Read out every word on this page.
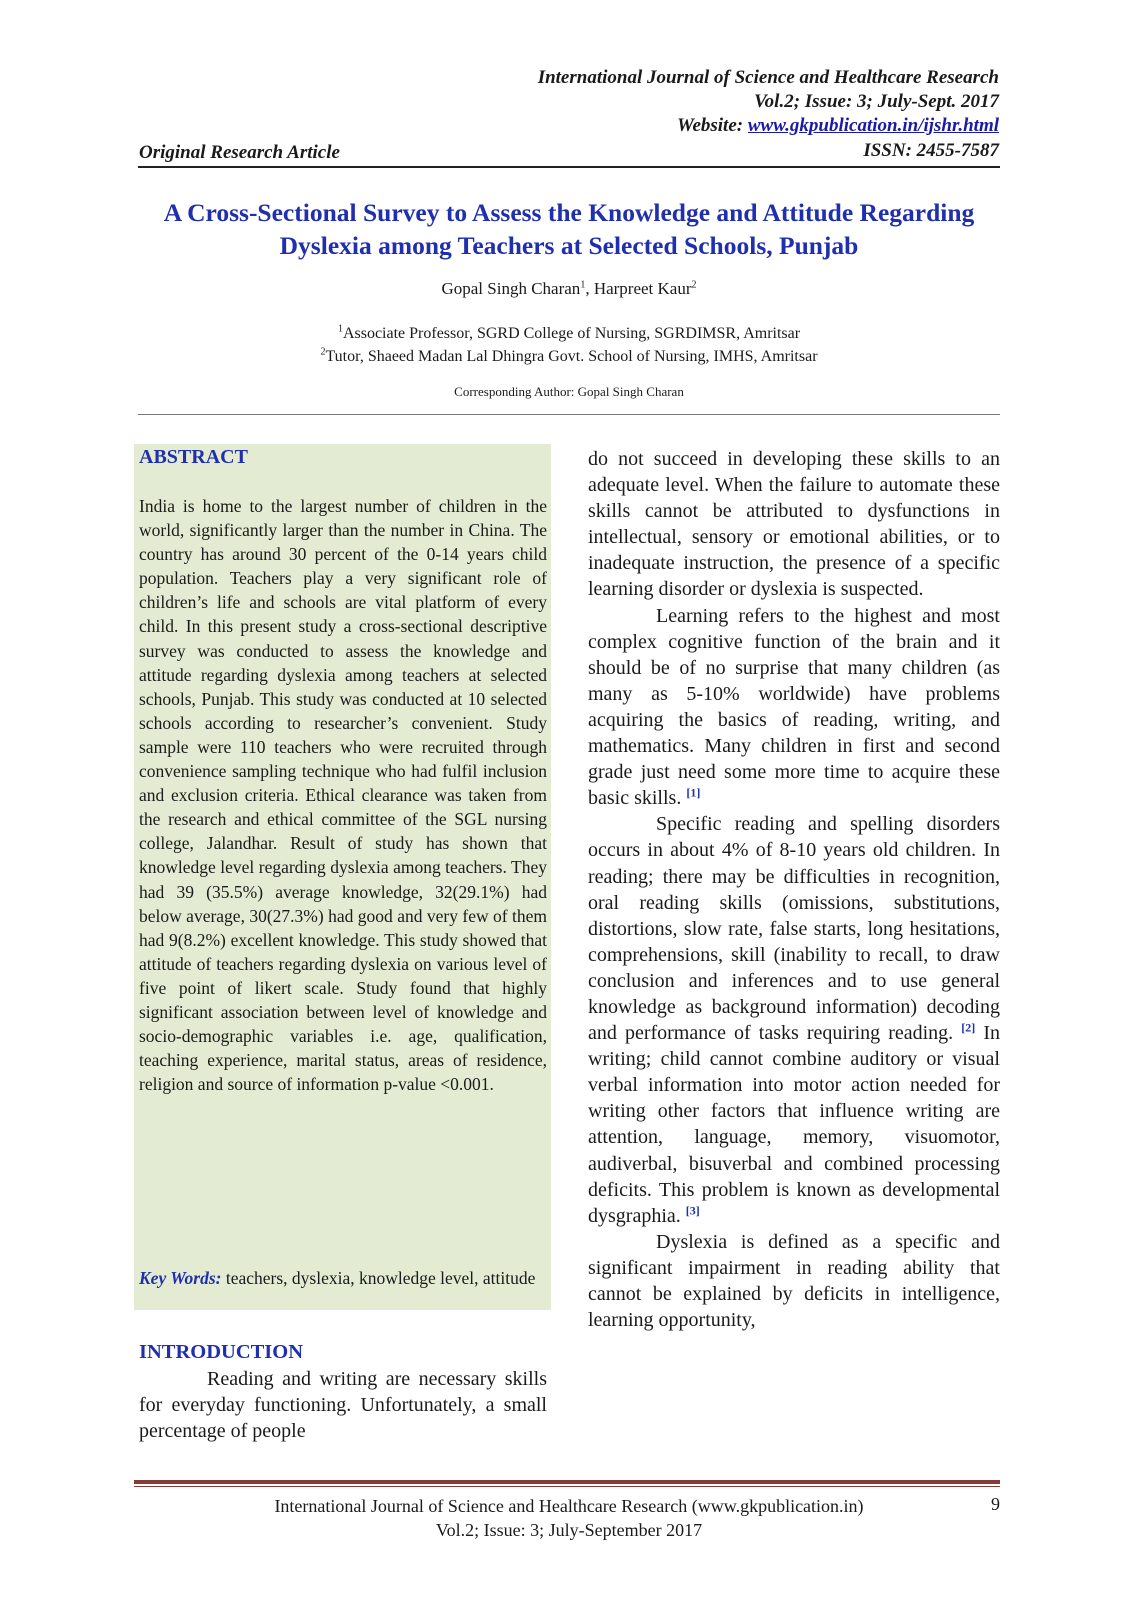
International Journal of Science and Healthcare Research
Vol.2; Issue: 3; July-Sept. 2017
Website: www.gkpublication.in/ijshr.html
ISSN: 2455-7587
Original Research Article
A Cross-Sectional Survey to Assess the Knowledge and Attitude Regarding
Dyslexia among Teachers at Selected Schools, Punjab
Gopal Singh Charan$^1$, Harpreet Kaur$^2$
$^1$Associate Professor, SGRD College of Nursing, SGRDIMSR, Amritsar
$^2$Tutor, Shaeed Madan Lal Dhingra Govt. School of Nursing, IMHS, Amritsar
Corresponding Author: Gopal Singh Charan
ABSTRACT
India is home to the largest number of children in the world, significantly larger than the number in China. The country has around 30 percent of the 0-14 years child population. Teachers play a very significant role of children’s life and schools are vital platform of every child. In this present study a cross-sectional descriptive survey was conducted to assess the knowledge and attitude regarding dyslexia among teachers at selected schools, Punjab. This study was conducted at 10 selected schools according to researcher’s convenient. Study sample were 110 teachers who were recruited through convenience sampling technique who had fulfil inclusion and exclusion criteria. Ethical clearance was taken from the research and ethical committee of the SGL nursing college, Jalandhar. Result of study has shown that knowledge level regarding dyslexia among teachers. They had 39 (35.5%) average knowledge, 32(29.1%) had below average, 30(27.3%) had good and very few of them had 9(8.2%) excellent knowledge. This study showed that attitude of teachers regarding dyslexia on various level of five point of likert scale. Study found that highly significant association between level of knowledge and socio-demographic variables i.e. age, qualification, teaching experience, marital status, areas of residence, religion and source of information p-value <0.001.
Key Words: teachers, dyslexia, knowledge level, attitude
INTRODUCTION
Reading and writing are necessary skills for everyday functioning. Unfortunately, a small percentage of people

do not succeed in developing these skills to an adequate level. When the failure to automate these skills cannot be attributed to dysfunctions in intellectual, sensory or emotional abilities, or to inadequate instruction, the presence of a specific learning disorder or dyslexia is suspected.

Learning refers to the highest and most complex cognitive function of the brain and it should be of no surprise that many children (as many as 5-10% worldwide) have problems acquiring the basics of reading, writing, and mathematics. Many children in first and second grade just need some more time to acquire these basic skills. [1]

Specific reading and spelling disorders occurs in about 4% of 8-10 years old children. In reading; there may be difficulties in recognition, oral reading skills (omissions, substitutions, distortions, slow rate, false starts, long hesitations, comprehensions, skill (inability to recall, to draw conclusion and inferences and to use general knowledge as background information) decoding and performance of tasks requiring reading. [2] In writing; child cannot combine auditory or visual verbal information into motor action needed for writing other factors that influence writing are attention, language, memory, visuomotor, audiverbal, bisuverbal and combined processing deficits. This problem is known as developmental dysgraphia. [3]

Dyslexia is defined as a specific and significant impairment in reading ability that cannot be explained by deficits in intelligence, learning opportunity,

International Journal of Science and Healthcare Research (www.gkpublication.in)
Vol.2; Issue: 3; July-September 2017
9
